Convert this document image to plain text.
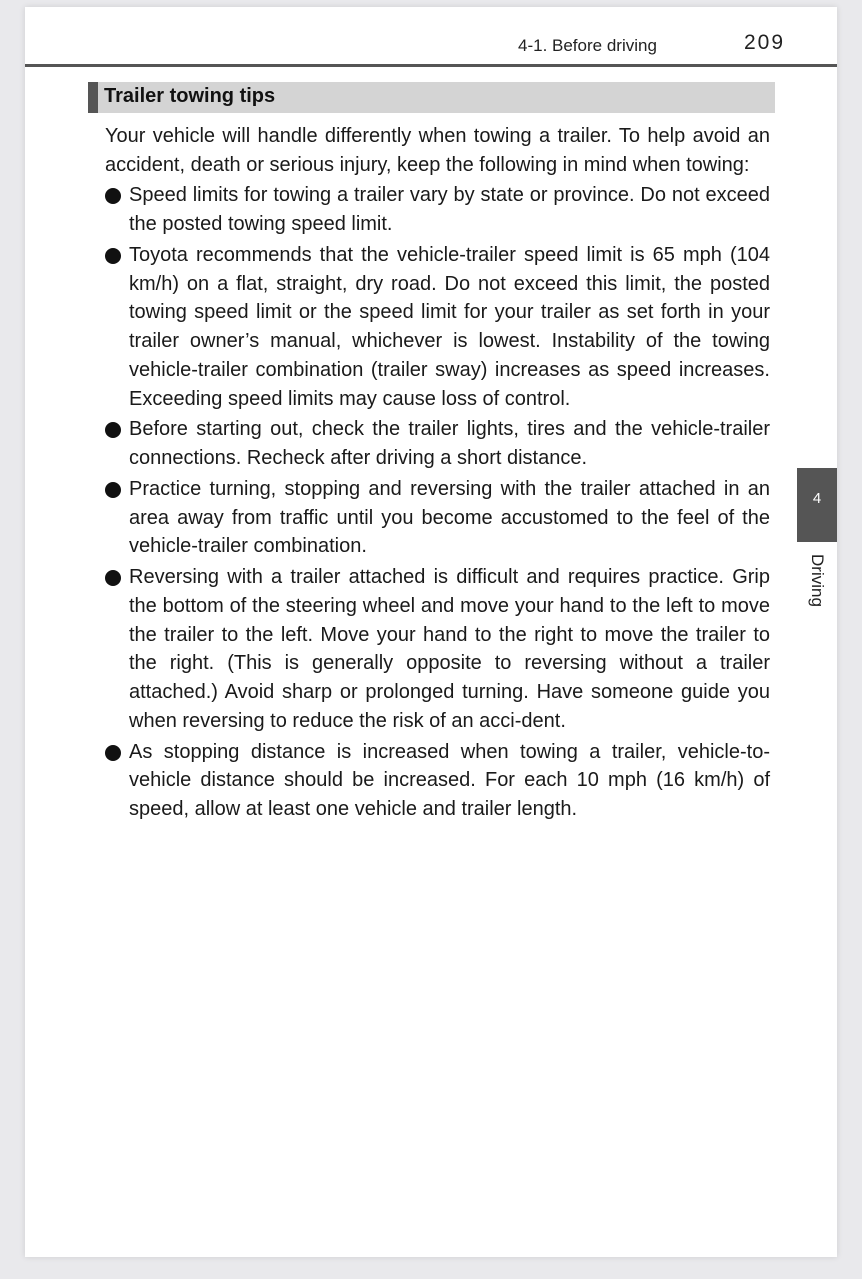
4-1. Before driving	209
Trailer towing tips
Your vehicle will handle differently when towing a trailer. To help avoid an accident, death or serious injury, keep the following in mind when towing:
Speed limits for towing a trailer vary by state or province. Do not exceed the posted towing speed limit.
Toyota recommends that the vehicle-trailer speed limit is 65 mph (104 km/h) on a flat, straight, dry road. Do not exceed this limit, the posted towing speed limit or the speed limit for your trailer as set forth in your trailer owner’s manual, whichever is lowest. Instability of the towing vehicle-trailer combination (trailer sway) increases as speed increases. Exceeding speed limits may cause loss of control.
Before starting out, check the trailer lights, tires and the vehicle-trailer connections. Recheck after driving a short distance.
Practice turning, stopping and reversing with the trailer attached in an area away from traffic until you become accustomed to the feel of the vehicle-trailer combination.
Reversing with a trailer attached is difficult and requires practice. Grip the bottom of the steering wheel and move your hand to the left to move the trailer to the left. Move your hand to the right to move the trailer to the right. (This is generally opposite to reversing without a trailer attached.) Avoid sharp or prolonged turning. Have someone guide you when reversing to reduce the risk of an acci-dent.
As stopping distance is increased when towing a trailer, vehicle-to-vehicle distance should be increased. For each 10 mph (16 km/h) of speed, allow at least one vehicle and trailer length.
4
Driving
